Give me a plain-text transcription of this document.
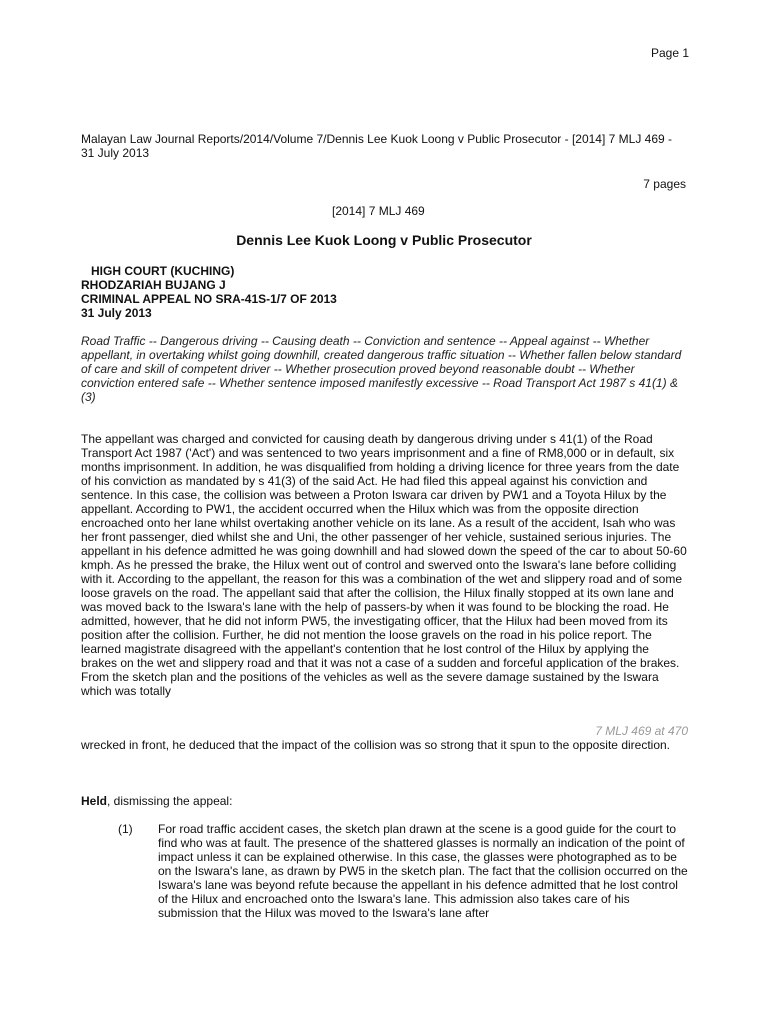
Page 1
Malayan Law Journal Reports/2014/Volume 7/Dennis Lee Kuok Loong v Public Prosecutor - [2014] 7 MLJ 469 - 31 July 2013
7 pages
[2014] 7 MLJ 469
Dennis Lee Kuok Loong v Public Prosecutor
HIGH COURT (KUCHING)
RHODZARIAH BUJANG J
CRIMINAL APPEAL NO SRA-41S-1/7 OF 2013
31 July 2013
Road Traffic -- Dangerous driving -- Causing death -- Conviction and sentence -- Appeal against -- Whether appellant, in overtaking whilst going downhill, created dangerous traffic situation -- Whether fallen below standard of care and skill of competent driver -- Whether prosecution proved beyond reasonable doubt -- Whether conviction entered safe -- Whether sentence imposed manifestly excessive -- Road Transport Act 1987 s 41(1) & (3)
The appellant was charged and convicted for causing death by dangerous driving under s 41(1) of the Road Transport Act 1987 ('Act') and was sentenced to two years imprisonment and a fine of RM8,000 or in default, six months imprisonment. In addition, he was disqualified from holding a driving licence for three years from the date of his conviction as mandated by s 41(3) of the said Act. He had filed this appeal against his conviction and sentence. In this case, the collision was between a Proton Iswara car driven by PW1 and a Toyota Hilux by the appellant. According to PW1, the accident occurred when the Hilux which was from the opposite direction encroached onto her lane whilst overtaking another vehicle on its lane. As a result of the accident, Isah who was her front passenger, died whilst she and Uni, the other passenger of her vehicle, sustained serious injuries. The appellant in his defence admitted he was going downhill and had slowed down the speed of the car to about 50-60 kmph. As he pressed the brake, the Hilux went out of control and swerved onto the Iswara's lane before colliding with it. According to the appellant, the reason for this was a combination of the wet and slippery road and of some loose gravels on the road. The appellant said that after the collision, the Hilux finally stopped at its own lane and was moved back to the Iswara's lane with the help of passers-by when it was found to be blocking the road. He admitted, however, that he did not inform PW5, the investigating officer, that the Hilux had been moved from its position after the collision. Further, he did not mention the loose gravels on the road in his police report. The learned magistrate disagreed with the appellant's contention that he lost control of the Hilux by applying the brakes on the wet and slippery road and that it was not a case of a sudden and forceful application of the brakes. From the sketch plan and the positions of the vehicles as well as the severe damage sustained by the Iswara which was totally
7 MLJ 469 at 470
wrecked in front, he deduced that the impact of the collision was so strong that it spun to the opposite direction.
Held, dismissing the appeal:
(1) For road traffic accident cases, the sketch plan drawn at the scene is a good guide for the court to find who was at fault. The presence of the shattered glasses is normally an indication of the point of impact unless it can be explained otherwise. In this case, the glasses were photographed as to be on the Iswara's lane, as drawn by PW5 in the sketch plan. The fact that the collision occurred on the Iswara's lane was beyond refute because the appellant in his defence admitted that he lost control of the Hilux and encroached onto the Iswara's lane. This admission also takes care of his submission that the Hilux was moved to the Iswara's lane after
